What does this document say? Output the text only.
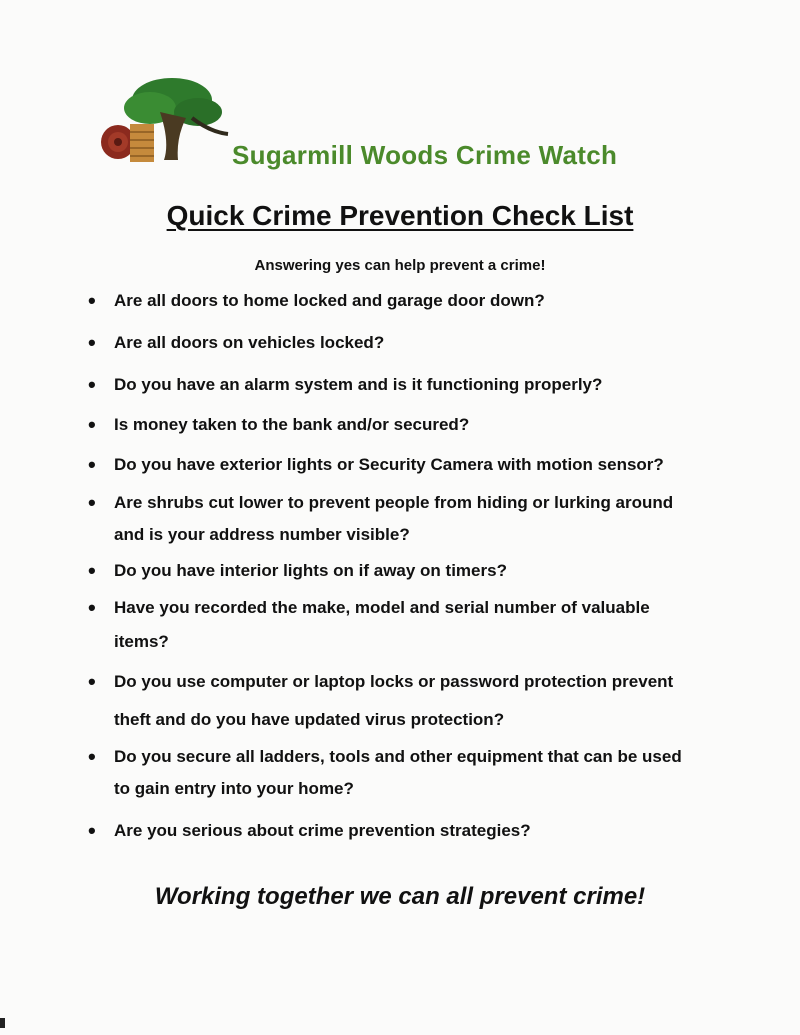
Sugarmill Woods Crime Watch
Quick Crime Prevention Check List
Answering yes can help prevent a crime!
• Are all doors to home locked and garage door down?
• Are all doors on vehicles locked?
• Do you have an alarm system and is it functioning properly?
• Is money taken to the bank and/or secured?
• Do you have exterior lights or Security Camera with motion sensor?
• Are shrubs cut lower to prevent people from hiding or lurking around
and is your address number visible?
• Do you have interior lights on if away on timers?
• Have you recorded the make, model and serial number of valuable
items?
• Do you use computer or laptop locks or password protection prevent
theft and do you have updated virus protection?
• Do you secure all ladders, tools and other equipment that can be used
to gain entry into your home?
• Are you serious about crime prevention strategies?
Working together we can all prevent crime!
